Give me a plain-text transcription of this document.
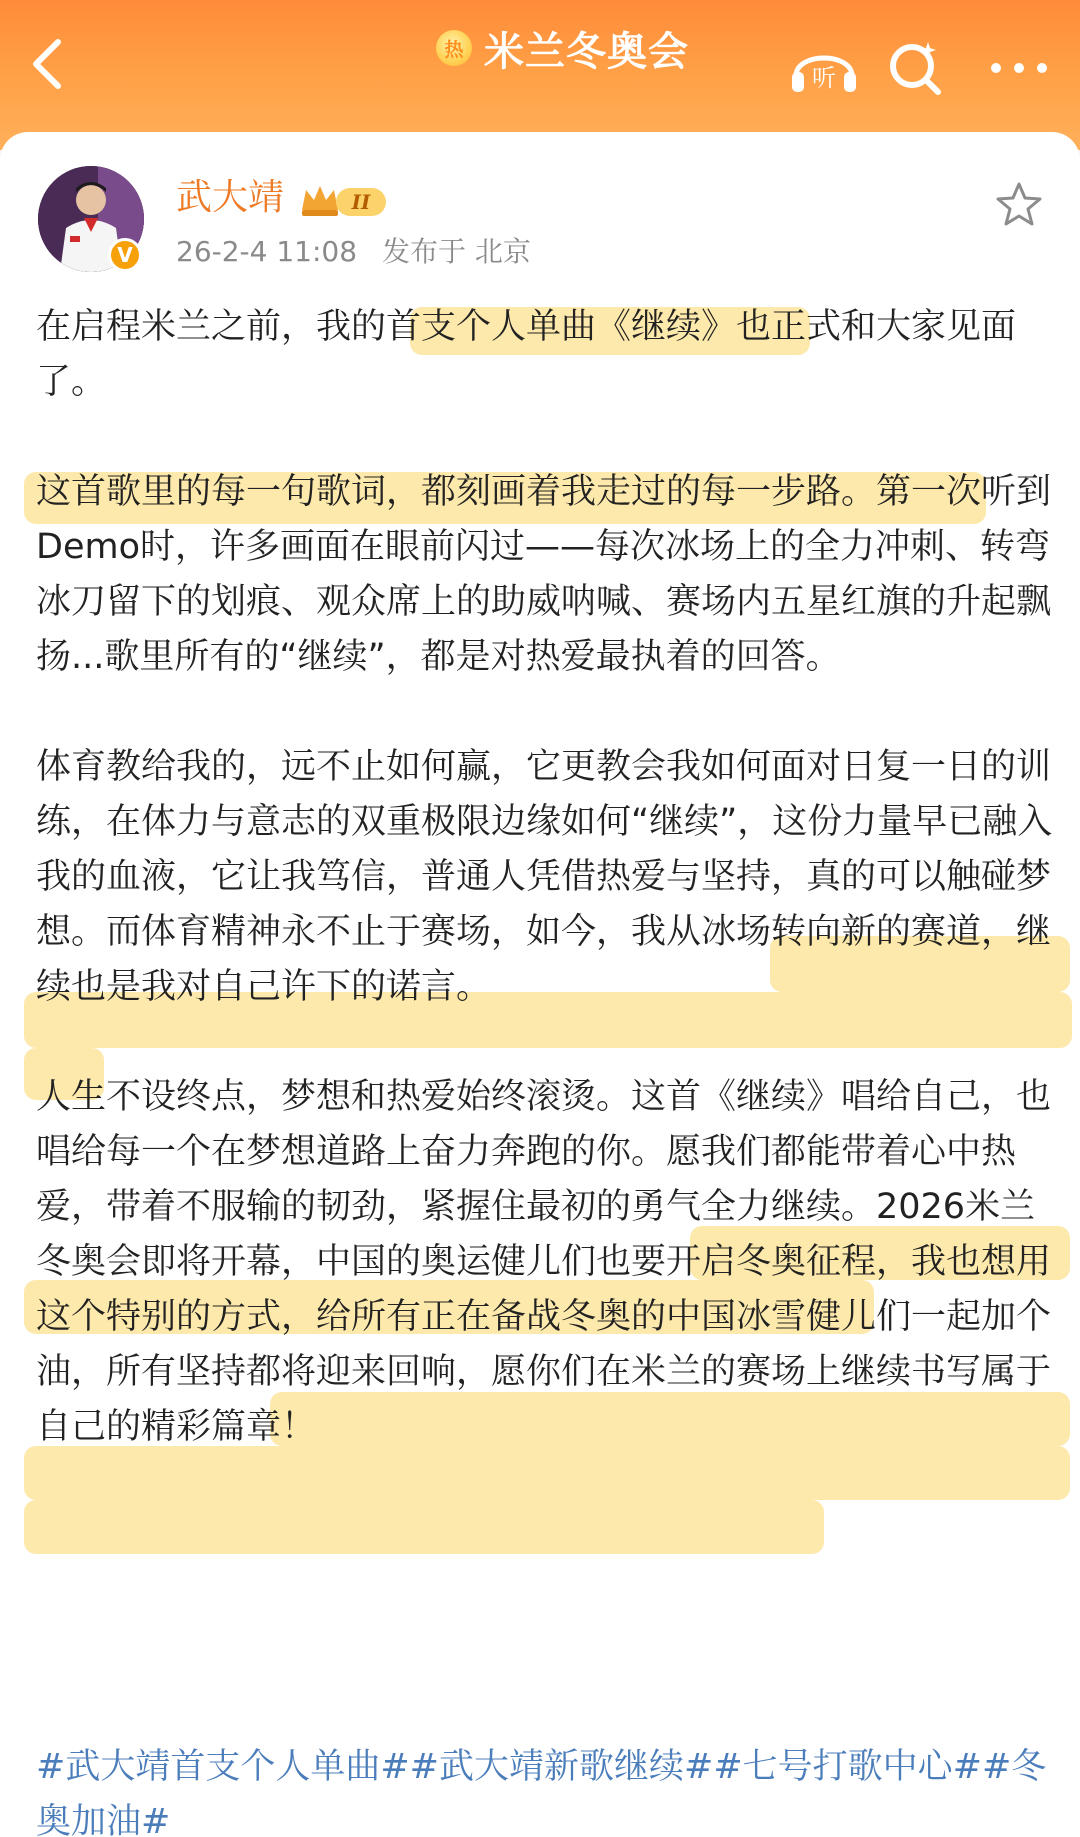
热 米兰冬奥会
听
V
武大靖	II
26-2-4 11:08 发布于 北京

在启程米兰之前，我的首支个人单曲《继续》也正式和大家见面了。

这首歌里的每一句歌词，都刻画着我走过的每一步路。第一次听到Demo时，许多画面在眼前闪过——每次冰场上的全力冲刺、转弯冰刀留下的划痕、观众席上的助威呐喊、赛场内五星红旗的升起飘扬...歌里所有的“继续”，都是对热爱最执着的回答。

体育教给我的，远不止如何赢，它更教会我如何面对日复一日的训练，在体力与意志的双重极限边缘如何“继续”，这份力量早已融入我的血液，它让我笃信，普通人凭借热爱与坚持，真的可以触碰梦想。而体育精神永不止于赛场，如今，我从冰场转向新的赛道，继续也是我对自己许下的诺言。

人生不设终点，梦想和热爱始终滚烫。这首《继续》唱给自己，也唱给每一个在梦想道路上奋力奔跑的你。愿我们都能带着心中热爱，带着不服输的韧劲，紧握住最初的勇气全力继续。2026米兰冬奥会即将开幕，中国的奥运健儿们也要开启冬奥征程，我也想用这个特别的方式，给所有正在备战冬奥的中国冰雪健儿们一起加个油，所有坚持都将迎来回响，愿你们在米兰的赛场上继续书写属于自己的精彩篇章！

#武大靖首支个人单曲##武大靖新歌继续##七号打歌中心##冬奥加油#
